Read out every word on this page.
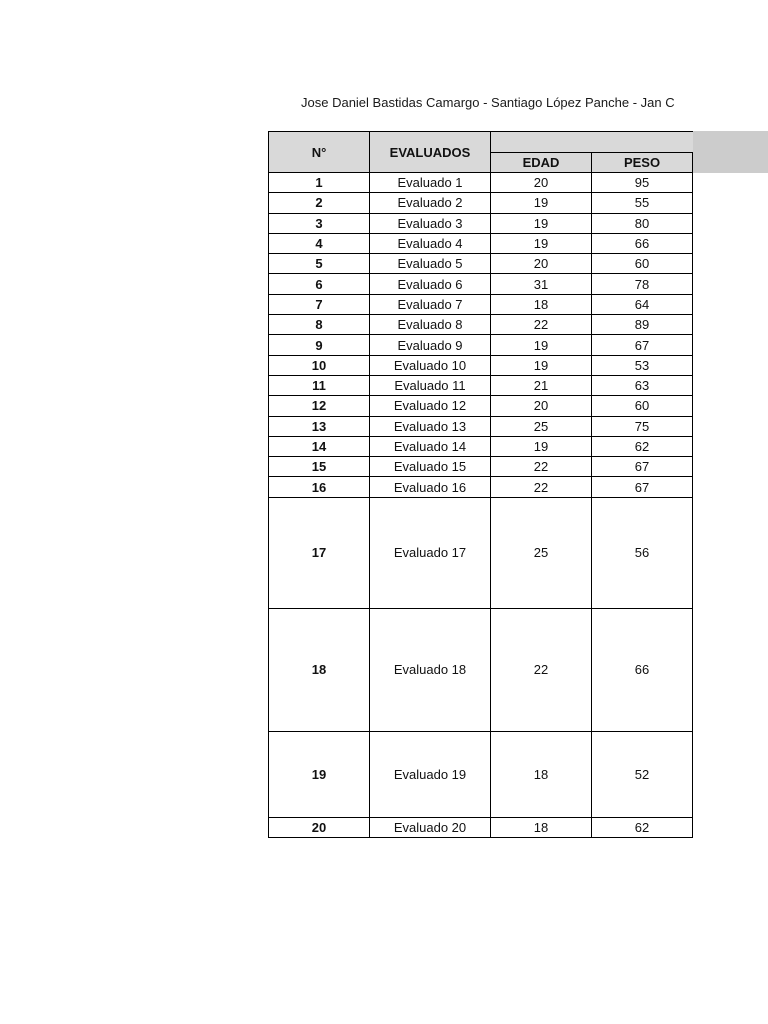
Jose Daniel Bastidas Camargo - Santiago López Panche - Jan C
N°	EVALUADOS		
		EDAD	PESO
1	Evaluado 1	20	95
2	Evaluado 2	19	55
3	Evaluado 3	19	80
4	Evaluado 4	19	66
5	Evaluado 5	20	60
6	Evaluado 6	31	78
7	Evaluado 7	18	64
8	Evaluado 8	22	89
9	Evaluado 9	19	67
10	Evaluado 10	19	53
11	Evaluado 11	21	63
12	Evaluado 12	20	60
13	Evaluado 13	25	75
14	Evaluado 14	19	62
15	Evaluado 15	22	67
16	Evaluado 16	22	67
17	Evaluado 17	25	56
18	Evaluado 18	22	66
19	Evaluado 19	18	52
20	Evaluado 20	18	62
